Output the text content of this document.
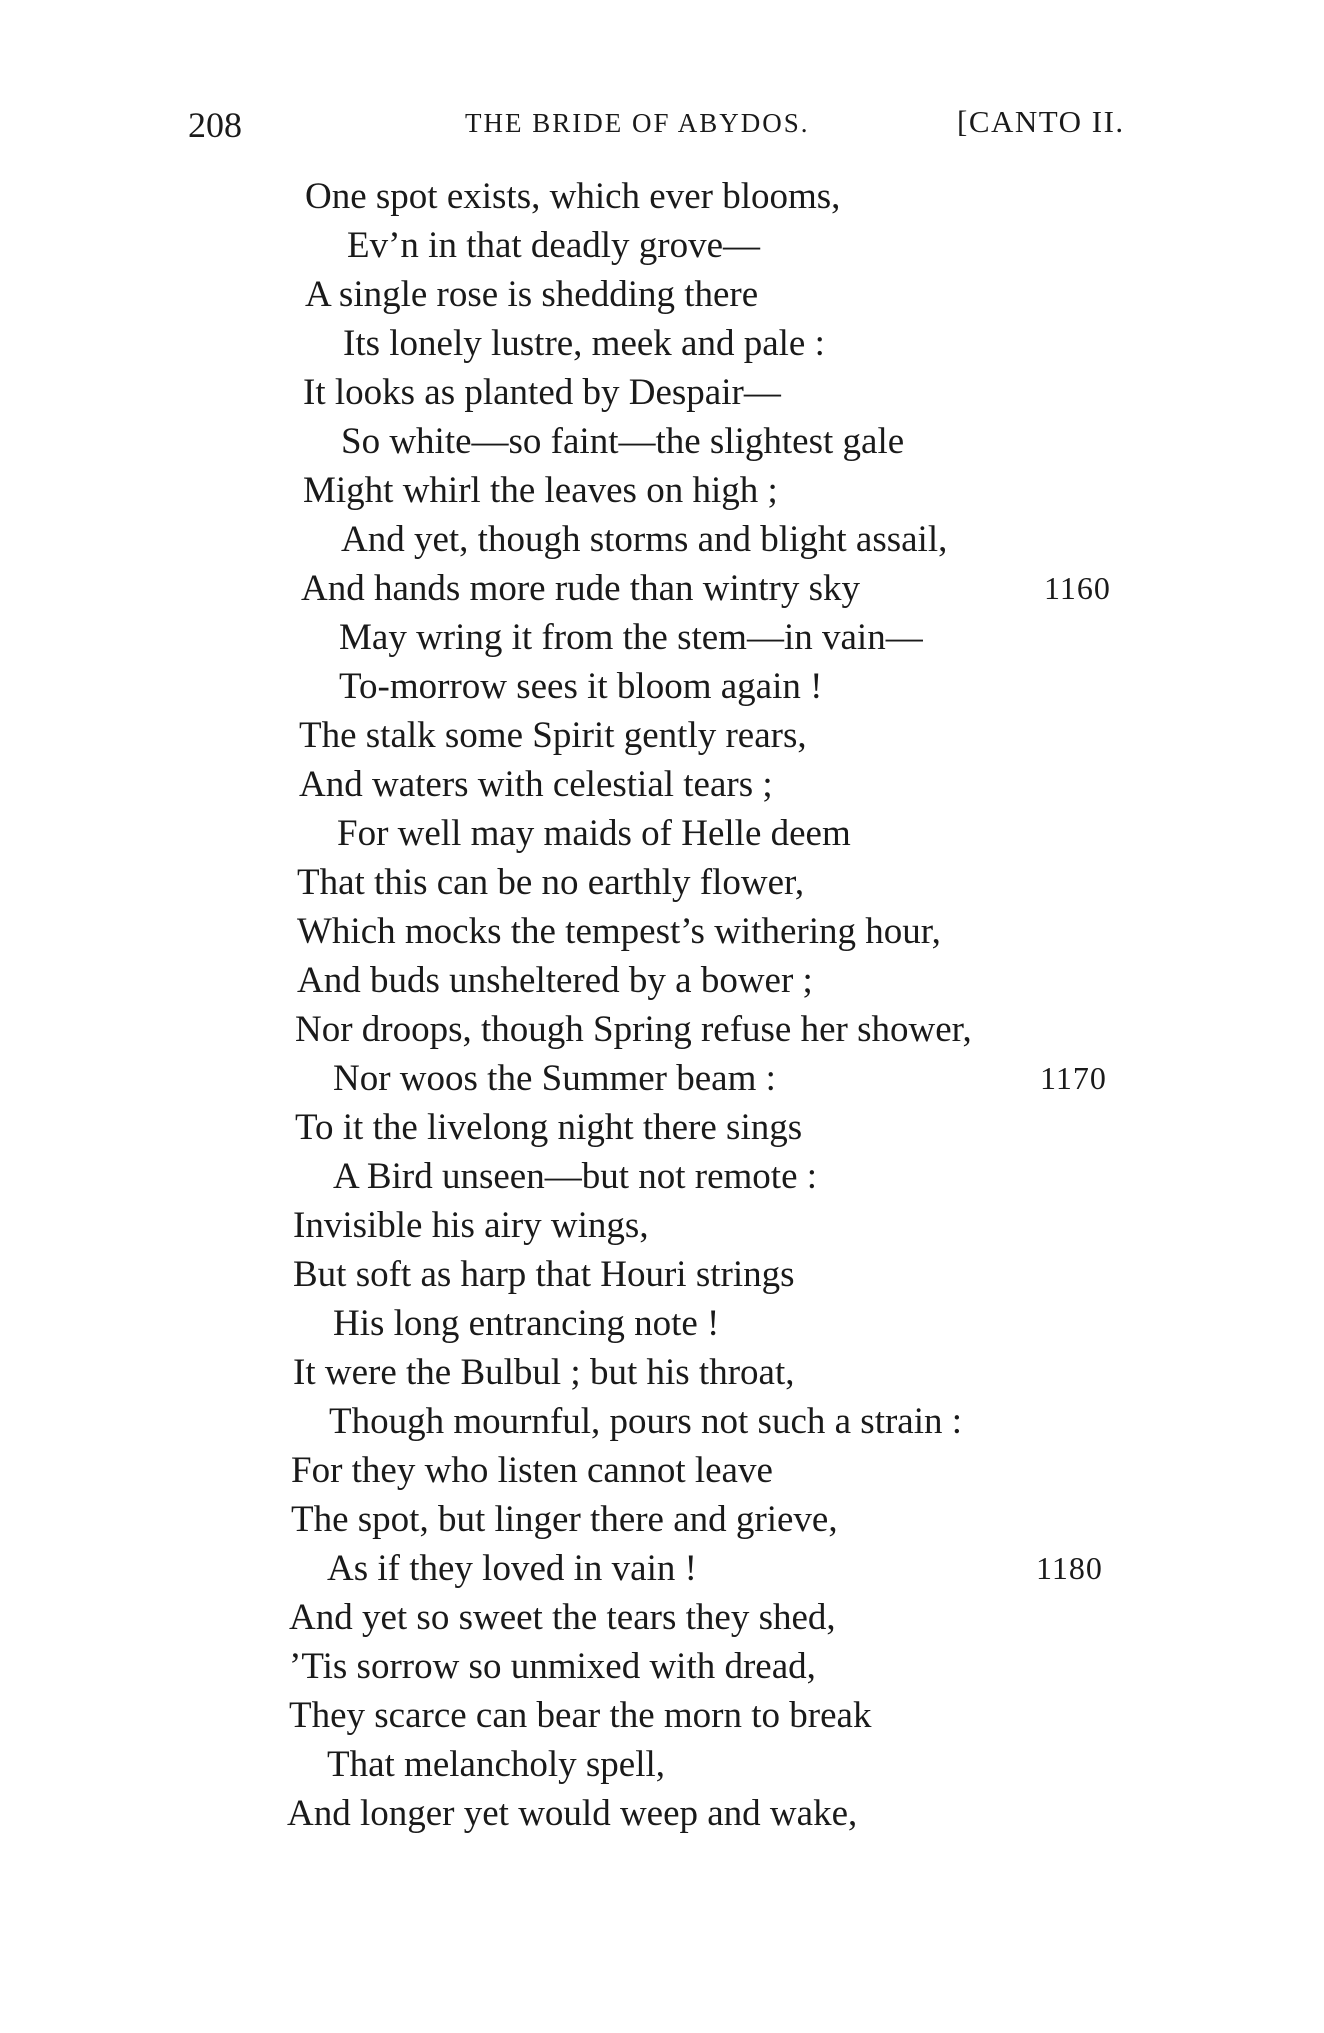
208	THE BRIDE OF ABYDOS.	[CANTO II.
One spot exists, which ever blooms,
Ev’n in that deadly grove—
A single rose is shedding there
Its lonely lustre, meek and pale :
It looks as planted by Despair—
So white—so faint—the slightest gale
Might whirl the leaves on high ;
And yet, though storms and blight assail,
And hands more rude than wintry sky
May wring it from the stem—in vain—
To-morrow sees it bloom again !
The stalk some Spirit gently rears,
And waters with celestial tears ;
For well may maids of Helle deem
That this can be no earthly flower,
Which mocks the tempest’s withering hour,
And buds unsheltered by a bower ;
Nor droops, though Spring refuse her shower,
Nor woos the Summer beam :
To it the livelong night there sings
A Bird unseen—but not remote :
Invisible his airy wings,
But soft as harp that Houri strings
His long entrancing note !
It were the Bulbul ; but his throat,
Though mournful, pours not such a strain :
For they who listen cannot leave
The spot, but linger there and grieve,
As if they loved in vain !
And yet so sweet the tears they shed,
’Tis sorrow so unmixed with dread,
They scarce can bear the morn to break
That melancholy spell,
And longer yet would weep and wake,
1160
1170
1180
